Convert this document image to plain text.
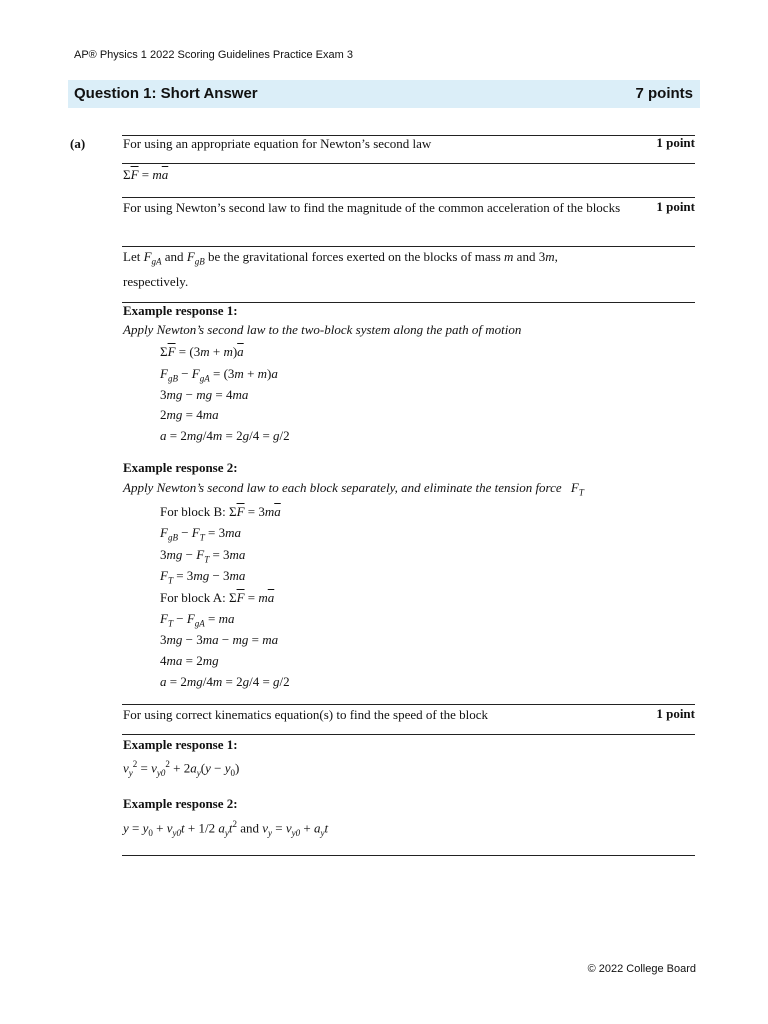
AP® Physics 1 2022 Scoring Guidelines Practice Exam 3
Question 1: Short Answer	7 points
(a)	For using an appropriate equation for Newton’s second law	1 point
$\Sigma\overline{F} = m\overline{a}$
For using Newton’s second law to find the magnitude of the common acceleration of the blocks	1 point
Let $F_{gA}$ and $F_{gB}$ be the gravitational forces exerted on the blocks of mass m and 3m,
respectively.
Example response 1:
Apply Newton’s second law to the two-block system along the path of motion
$\Sigma\overline{F} = (3m + m)\overline{a}$
$F_{gB} - F_{gA} = (3m + m)a$
3mg − mg = 4ma
2mg = 4ma
a = 2mg/4m = 2g/4 = g/2
Example response 2:
Apply Newton’s second law to each block separately, and eliminate the tension force $F_T$
For block B: $\Sigma\overline{F} = 3m\overline{a}$
$F_{gB} - F_T = 3ma$
$3mg - F_T = 3ma$
$F_T = 3mg - 3ma$
For block A: $\Sigma\overline{F} = m\overline{a}$
$F_T - F_{gA}$ = ma
3mg − 3ma − mg = ma
4ma = 2mg
a = 2mg/4m = 2g/4 = g/2
For using correct kinematics equation(s) to find the speed of the block	1 point
Example response 1:
$v_y^2 = v_{y0}^2 + 2a_y(y - y_0)$
Example response 2:
$y = y_0 + v_{y0}t + 1/2$ $a_yt^2$ and $v_y = v_{y0} + a_yt$
© 2022 College Board
